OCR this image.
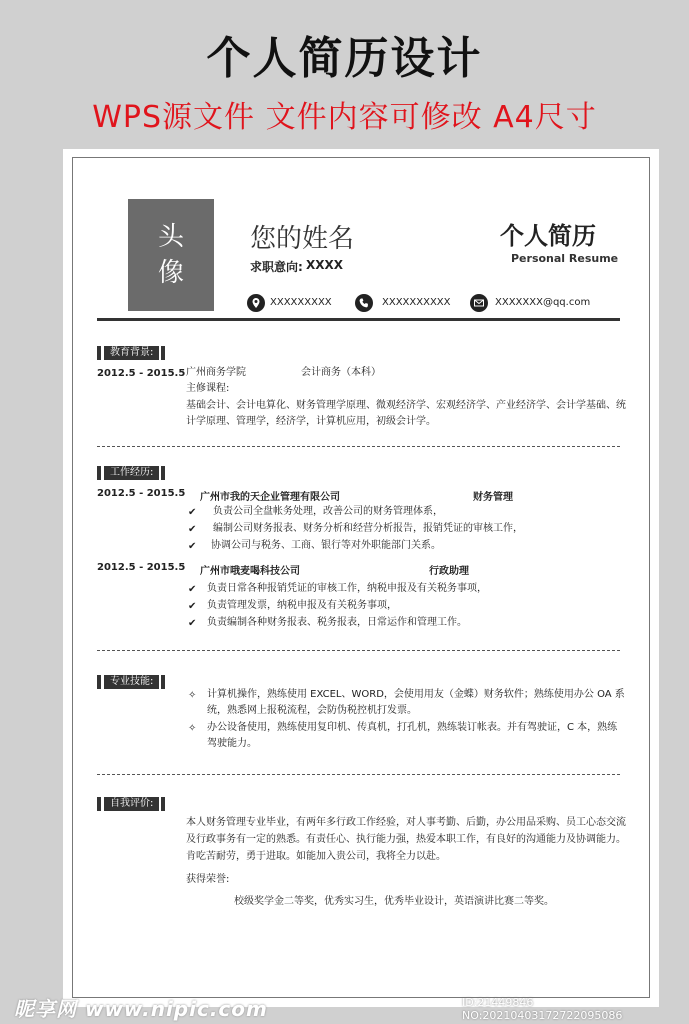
个人简历设计
WPS源文件 文件内容可修改 A4尺寸
头像
您的姓名
求职意向: XXXX
个人简历
Personal Resume
XXXXXXXXX	XXXXXXXXXX	XXXXXXX@qq.com
教育背景:
2012.5 - 2015.5 广州商务学院	会计商务（本科）
主修课程:
基础会计、会计电算化、财务管理学原理、微观经济学、宏观经济学、产业经济学、会计学基础、统
计学原理、管理学，经济学，计算机应用，初级会计学。
工作经历:
2012.5 - 2015.5 广州市我的天企业管理有限公司	财务管理
✔ 负责公司全盘帐务处理，改善公司的财务管理体系，
✔ 编制公司财务报表、财务分析和经营分析报告，报销凭证的审核工作，
✔ 协调公司与税务、工商、银行等对外职能部门关系。
2012.5 - 2015.5 广州市哦麦喝科技公司	行政助理
✔ 负责日常各种报销凭证的审核工作，纳税申报及有关税务事项，
✔ 负责管理发票，纳税申报及有关税务事项，
✔ 负责编制各种财务报表、税务报表，日常运作和管理工作。
专业技能:
✧ 计算机操作，熟练使用 EXCEL、WORD，会使用用友（金蝶）财务软件；熟练使用办公 OA 系
统，熟悉网上报税流程，会防伪税控机打发票。
✧ 办公设备使用，熟练使用复印机、传真机，打孔机，熟练装订帐表。并有驾驶证，C 本，熟练
驾驶能力。
自我评价:
本人财务管理专业毕业，有两年多行政工作经验，对人事考勤、后勤，办公用品采购、员工心态交流
及行政事务有一定的熟悉。有责任心、执行能力强，热爱本职工作，有良好的沟通能力及协调能力。
肯吃苦耐劳，勇于进取。如能加入贵公司，我将全力以赴。
获得荣誉:
校级奖学金二等奖，优秀实习生，优秀毕业设计，英语演讲比赛二等奖。
昵享网 www.nipic.com	ID:21449846 NO:20210403172722095086
